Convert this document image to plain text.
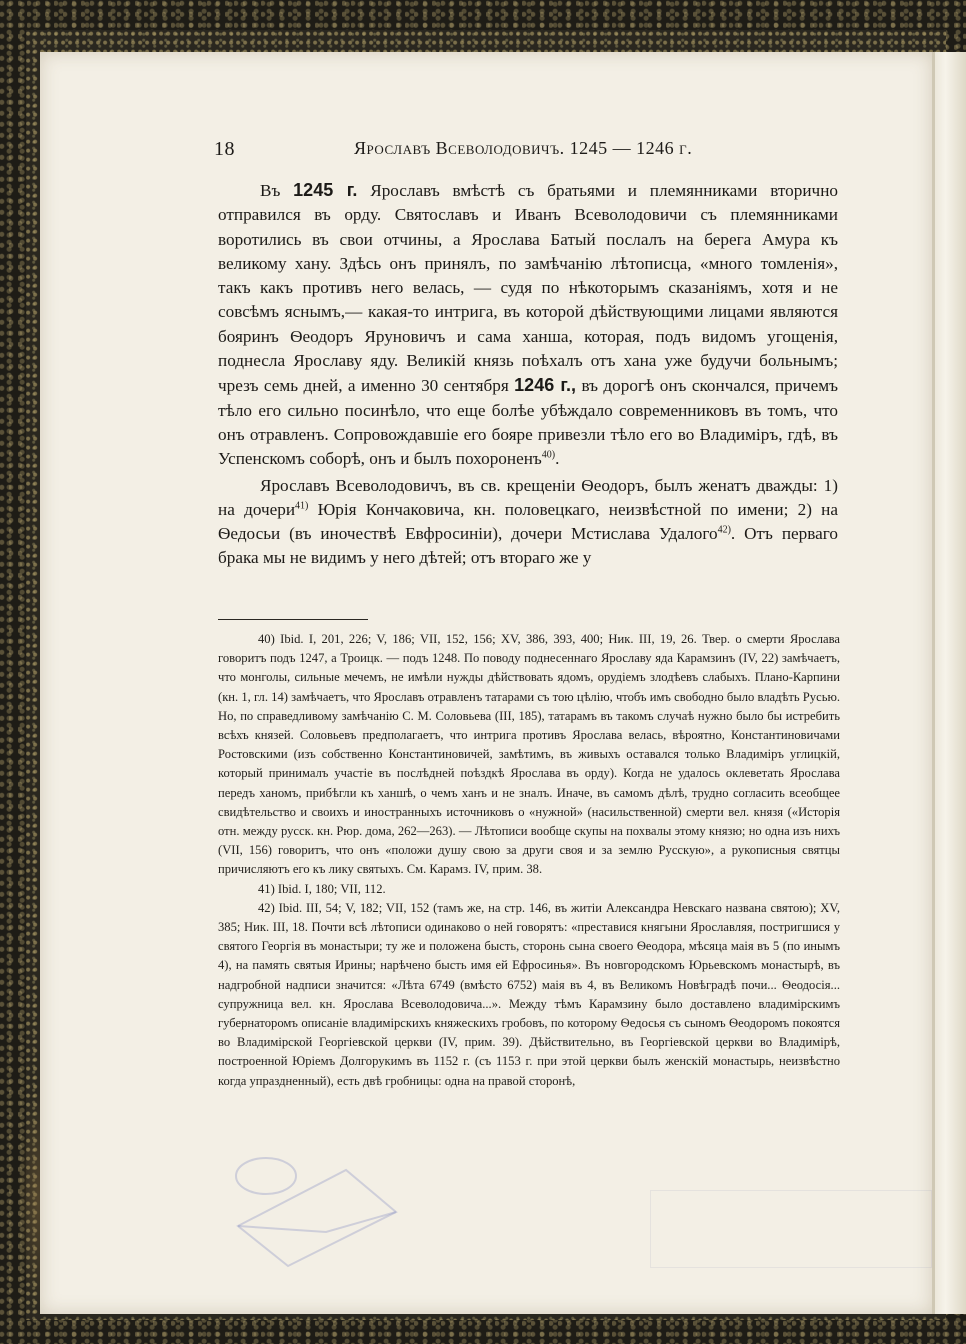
18	Ярославъ Всеволодовичъ. 1245 — 1246 г.

Въ 1245 г. Ярославъ вмѣстѣ съ братьями и племянниками вторично отправился въ орду. Святославъ и Иванъ Всеволодовичи съ племянниками воротились въ свои отчины, а Ярослава Батый послалъ на берега Амура къ великому хану. Здѣсь онъ принялъ, по замѣчанію лѣтописца, «много томленія», такъ какъ противъ него велась, — судя по нѣкоторымъ сказаніямъ, хотя и не совсѣмъ яснымъ,— какая-то интрига, въ которой дѣйствующими лицами являются бояринъ Ѳеодоръ Яруновичъ и сама ханша, которая, подъ видомъ угощенія, поднесла Ярославу яду. Великій князь поѣхалъ отъ хана уже будучи больнымъ; чрезъ семь дней, а именно 30 сентября 1246 г., въ дорогѣ онъ скончался, причемъ тѣло его сильно посинѣло, что еще болѣе убѣждало современниковъ въ томъ, что онъ отравленъ. Сопровождавшіе его бояре привезли тѣло его во Владиміръ, гдѣ, въ Успенскомъ соборѣ, онъ и былъ похороненъ$^{40)}$.

Ярославъ Всеволодовичъ, въ св. крещеніи Ѳеодоръ, былъ женатъ дважды: 1) на дочери$^{41)}$ Юрія Кончаковича, кн. половецкаго, неизвѣстной по имени; 2) на Ѳедосьи (въ иночествѣ Евфросиніи), дочери Мстислава Удалого$^{42)}$. Отъ перваго брака мы не видимъ у него дѣтей; отъ втораго же у

40) Ibid. I, 201, 226; V, 186; VII, 152, 156; XV, 386, 393, 400; Ник. III, 19, 26. Твер. о смерти Ярослава говоритъ подъ 1247, а Троицк. — подъ 1248. По поводу поднесеннаго Ярославу яда Карамзинъ (IV, 22) замѣчаетъ, что монголы, сильные мечемъ, не имѣли нужды дѣйствовать ядомъ, орудіемъ злодѣевъ слабыхъ. Плано-Карпини (кн. 1, гл. 14) замѣчаетъ, что Ярославъ отравленъ татарами съ тою цѣлію, чтобъ имъ свободно было владѣть Русью. Но, по справедливому замѣчанію С. М. Соловьева (III, 185), татарамъ въ такомъ случаѣ нужно было бы истребить всѣхъ князей. Соловьевъ предполагаетъ, что интрига противъ Ярослава велась, вѣроятно, Константиновичами Ростовскими (изъ собственно Константиновичей, замѣтимъ, въ живыхъ оставался только Владиміръ углицкій, который принималъ участіе въ послѣдней поѣздкѣ Ярослава въ орду). Когда не удалось оклеветать Ярослава передъ ханомъ, прибѣгли къ ханшѣ, о чемъ ханъ и не зналъ. Иначе, въ самомъ дѣлѣ, трудно согласить всеобщее свидѣтельство и своихъ и иностранныхъ источниковъ о «нужной» (насильственной) смерти вел. князя («Исторія отн. между русск. кн. Рюр. дома, 262—263). — Лѣтописи вообще скупы на похвалы этому князю; но одна изъ нихъ (VII, 156) говоритъ, что онъ «положи душу свою за други своя и за землю Русскую», а рукописныя святцы причисляютъ его къ лику святыхъ. См. Карамз. IV, прим. 38.

41) Ibid. I, 180; VII, 112.

42) Ibid. III, 54; V, 182; VII, 152 (тамъ же, на стр. 146, въ житіи Александра Невскаго названа святою); XV, 385; Ник. III, 18. Почти всѣ лѣтописи одинаково о ней говорятъ: «преставися княгыни Ярославляя, постригшися у святого Георгія въ монастыри; ту же и положена бысть, сторонь сына своего Ѳеодора, мѣсяца маія въ 5 (по инымъ 4), на память святыя Ирины; нарѣчено бысть имя ей Ефросинья». Въ новгородскомъ Юрьевскомъ монастырѣ, въ надгробной надписи значится: «Лѣта 6749 (вмѣсто 6752) маія въ 4, въ Великомъ Новѣградѣ почи... Ѳеодосія... супружница вел. кн. Ярослава Всеволодовича...». Между тѣмъ Карамзину было доставлено владимірскимъ губернаторомъ описаніе владимірскихъ княжескихъ гробовъ, по которому Ѳедосья съ сыномъ Ѳеодоромъ покоятся во Владимірской Георгіевской церкви (IV, прим. 39). Дѣйствительно, въ Георгіевской церкви во Владимірѣ, построенной Юріемъ Долгорукимъ въ 1152 г. (съ 1153 г. при этой церкви былъ женскій монастырь, неизвѣстно когда упраздненный), есть двѣ гробницы: одна на правой сторонѣ,
